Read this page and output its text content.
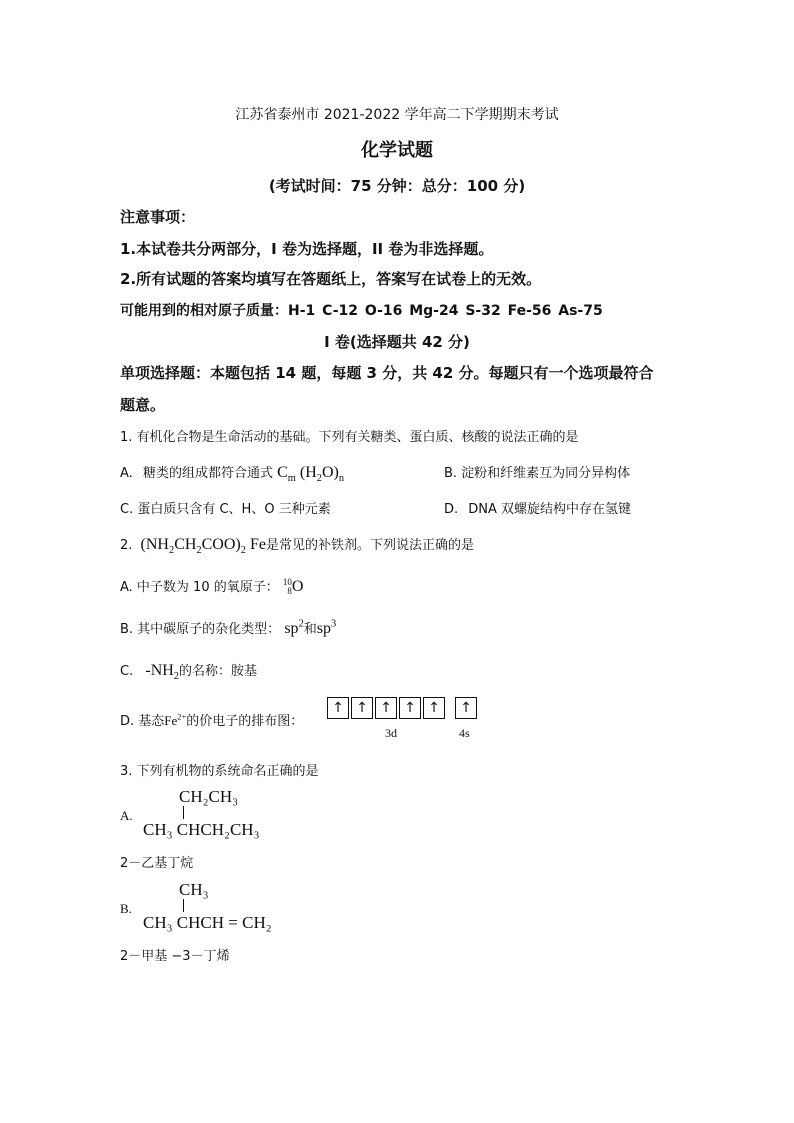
江苏省泰州市 2021-2022 学年高二下学期期末考试
化学试题
(考试时间：75 分钟：总分：100 分)
注意事项：
1.本试卷共分两部分，I 卷为选择题，II 卷为非选择题。
2.所有试题的答案均填写在答题纸上，答案写在试卷上的无效。
可能用到的相对原子质量：H-1 C-12 O-16 Mg-24 S-32 Fe-56 As-75
I 卷(选择题共 42 分)
单项选择题：本题包括 14 题，每题 3 分，共 42 分。每题只有一个选项最符合
题意。
1. 有机化合物是生命活动的基础。下列有关糖类、蛋白质、核酸的说法正确的是
A. 糖类的组成都符合通式 $C_m$ $(H_2O)_n$	B. 淀粉和纤维素互为同分异构体
C. 蛋白质只含有 C、H、O 三种元素	D. DNA 双螺旋结构中存在氢键
2. $(NH_2CH_2COO)_2$ Fe是常见的补铁剂。下列说法正确的是
A. 中子数为 10 的氧原子： 10
8O
B. 其中碳原子的杂化类型： $sp^2$和$sp^3$
C. $-NH_2$的名称：胺基
D. 基态$Fe^{2+}$的价电子的排布图：
↑ ↑ ↑ ↑ ↑	↑
3d	4s
3. 下列有机物的系统命名正确的是
A.
CH₂CH₃
CH₃ CHCH₂CH₃
2－乙基丁烷
B.
CH₃
CH₃ CHCH = CH₂
2－甲基 −3－丁烯
